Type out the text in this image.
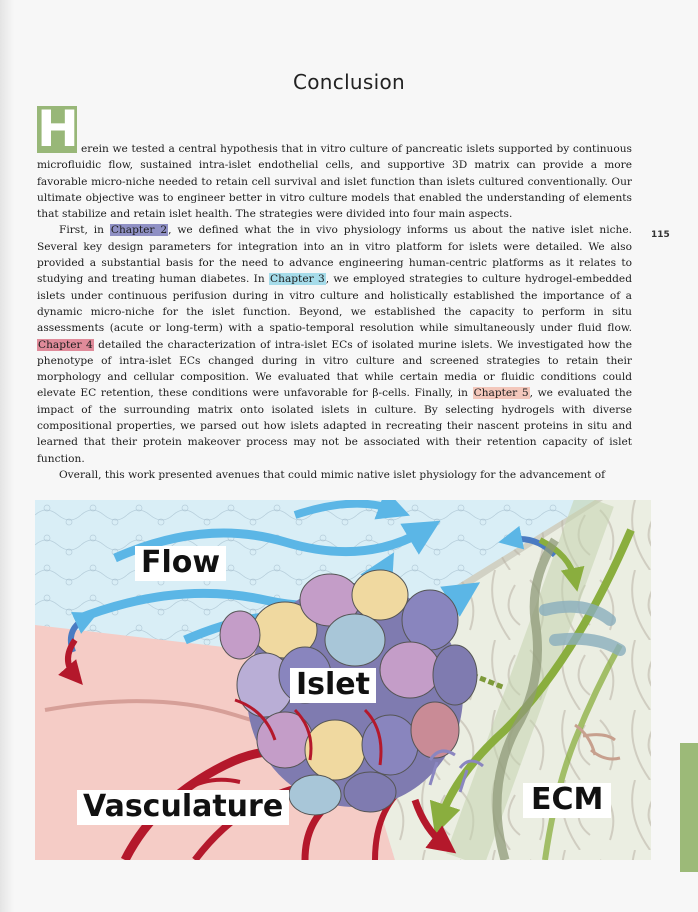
Conclusion
115
H erein we tested a central hypothesis that in vitro culture of pancreatic islets supported by continuous microfluidic flow, sustained intra-islet endothelial cells, and supportive 3D matrix can provide a more favorable micro-niche needed to retain cell survival and islet function than islets cultured conventionally. Our ultimate objective was to engineer better in vitro culture models that enabled the understanding of elements that stabilize and retain islet health. The strategies were divided into four main aspects.

First, in Chapter 2, we defined what the in vivo physiology informs us about the native islet niche. Several key design parameters for integration into an in vitro platform for islets were detailed. We also provided a substantial basis for the need to advance engineering human-centric platforms as it relates to studying and treating human diabetes. In Chapter 3, we employed strategies to culture hydrogel-embedded islets under continuous perifusion during in vitro culture and holistically established the importance of a dynamic micro-niche for the islet function. Beyond, we established the capacity to perform in situ assessments (acute or long-term) with a spatio-temporal resolution while simultaneously under fluid flow. Chapter 4 detailed the characterization of intra-islet ECs of isolated murine islets. We investigated how the phenotype of intra-islet ECs changed during in vitro culture and screened strategies to retain their morphology and cellular composition. We evaluated that while certain media or fluidic conditions could elevate EC retention, these conditions were unfavorable for β-cells. Finally, in Chapter 5, we evaluated the impact of the surrounding matrix onto isolated islets in culture. By selecting hydrogels with diverse compositional properties, we parsed out how islets adapted in recreating their nascent proteins in situ and learned that their protein makeover process may not be associated with their retention capacity of islet function.

Overall, this work presented avenues that could mimic native islet physiology for the advancement of

Flow
Islet
Vasculature	ECM
